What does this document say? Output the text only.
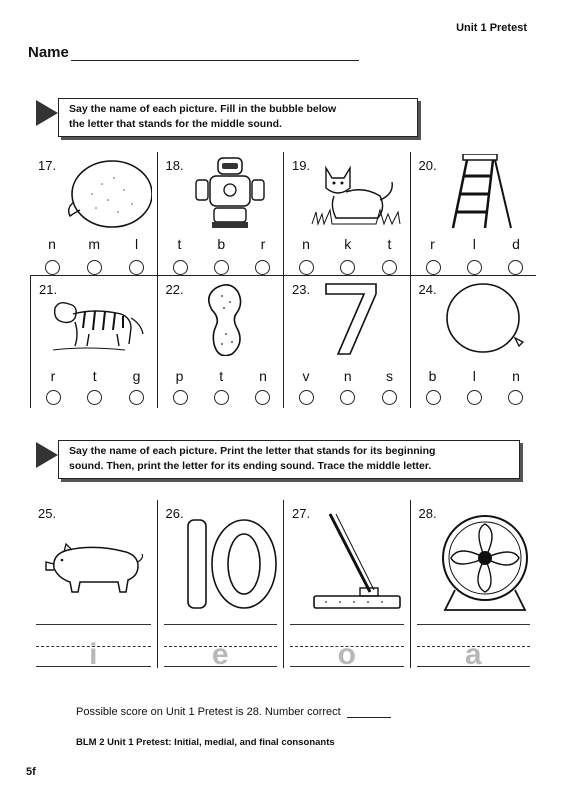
Unit 1 Pretest
Name
Say the name of each picture. Fill in the bubble below
the letter that stands for the middle sound.
17.
n	m	l
18.
t	b	r
19.
n	k	t
20.
r	l	d
21.
r	t	g
22.
p	t	n
23.
v	n	s
24.
b	l	n
Say the name of each picture. Print the letter that stands for its beginning
sound. Then, print the letter for its ending sound. Trace the middle letter.
25.
i
26.
e
27.
o
28.
a
Possible score on Unit 1 Pretest is 28. Number correct
BLM 2 Unit 1 Pretest: Initial, medial, and final consonants
5f
